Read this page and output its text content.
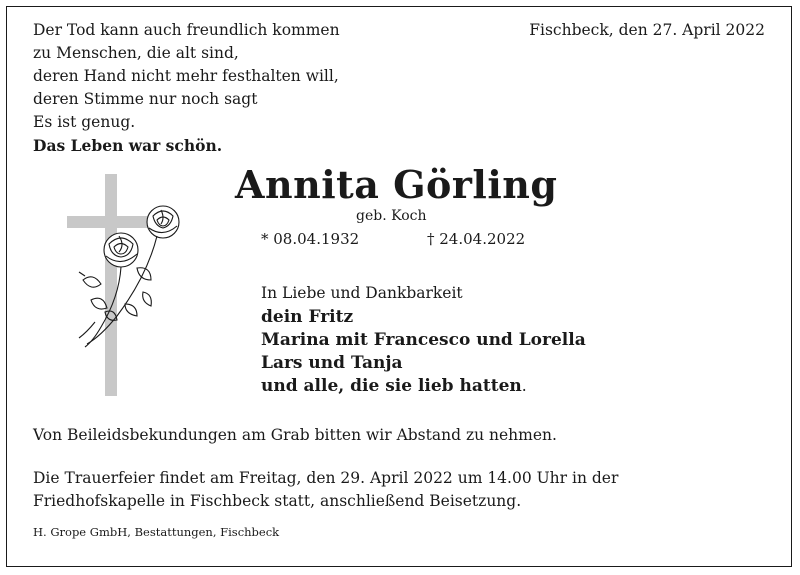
Der Tod kann auch freundlich kommen
zu Menschen, die alt sind,
deren Hand nicht mehr festhalten will,
deren Stimme nur noch sagt
Es ist genug.
Das Leben war schön.
Fischbeck, den 27. April 2022
Annita Görling
geb. Koch
* 08.04.1932	† 24.04.2022
In Liebe und Dankbarkeit
dein Fritz
Marina mit Francesco und Lorella
Lars und Tanja
und alle, die sie lieb hatten.
Von Beileidsbekundungen am Grab bitten wir Abstand zu nehmen.
Die Trauerfeier findet am Freitag, den 29. April 2022 um 14.00 Uhr in der
Friedhofskapelle in Fischbeck statt, anschließend Beisetzung.
H. Grope GmbH, Bestattungen, Fischbeck
